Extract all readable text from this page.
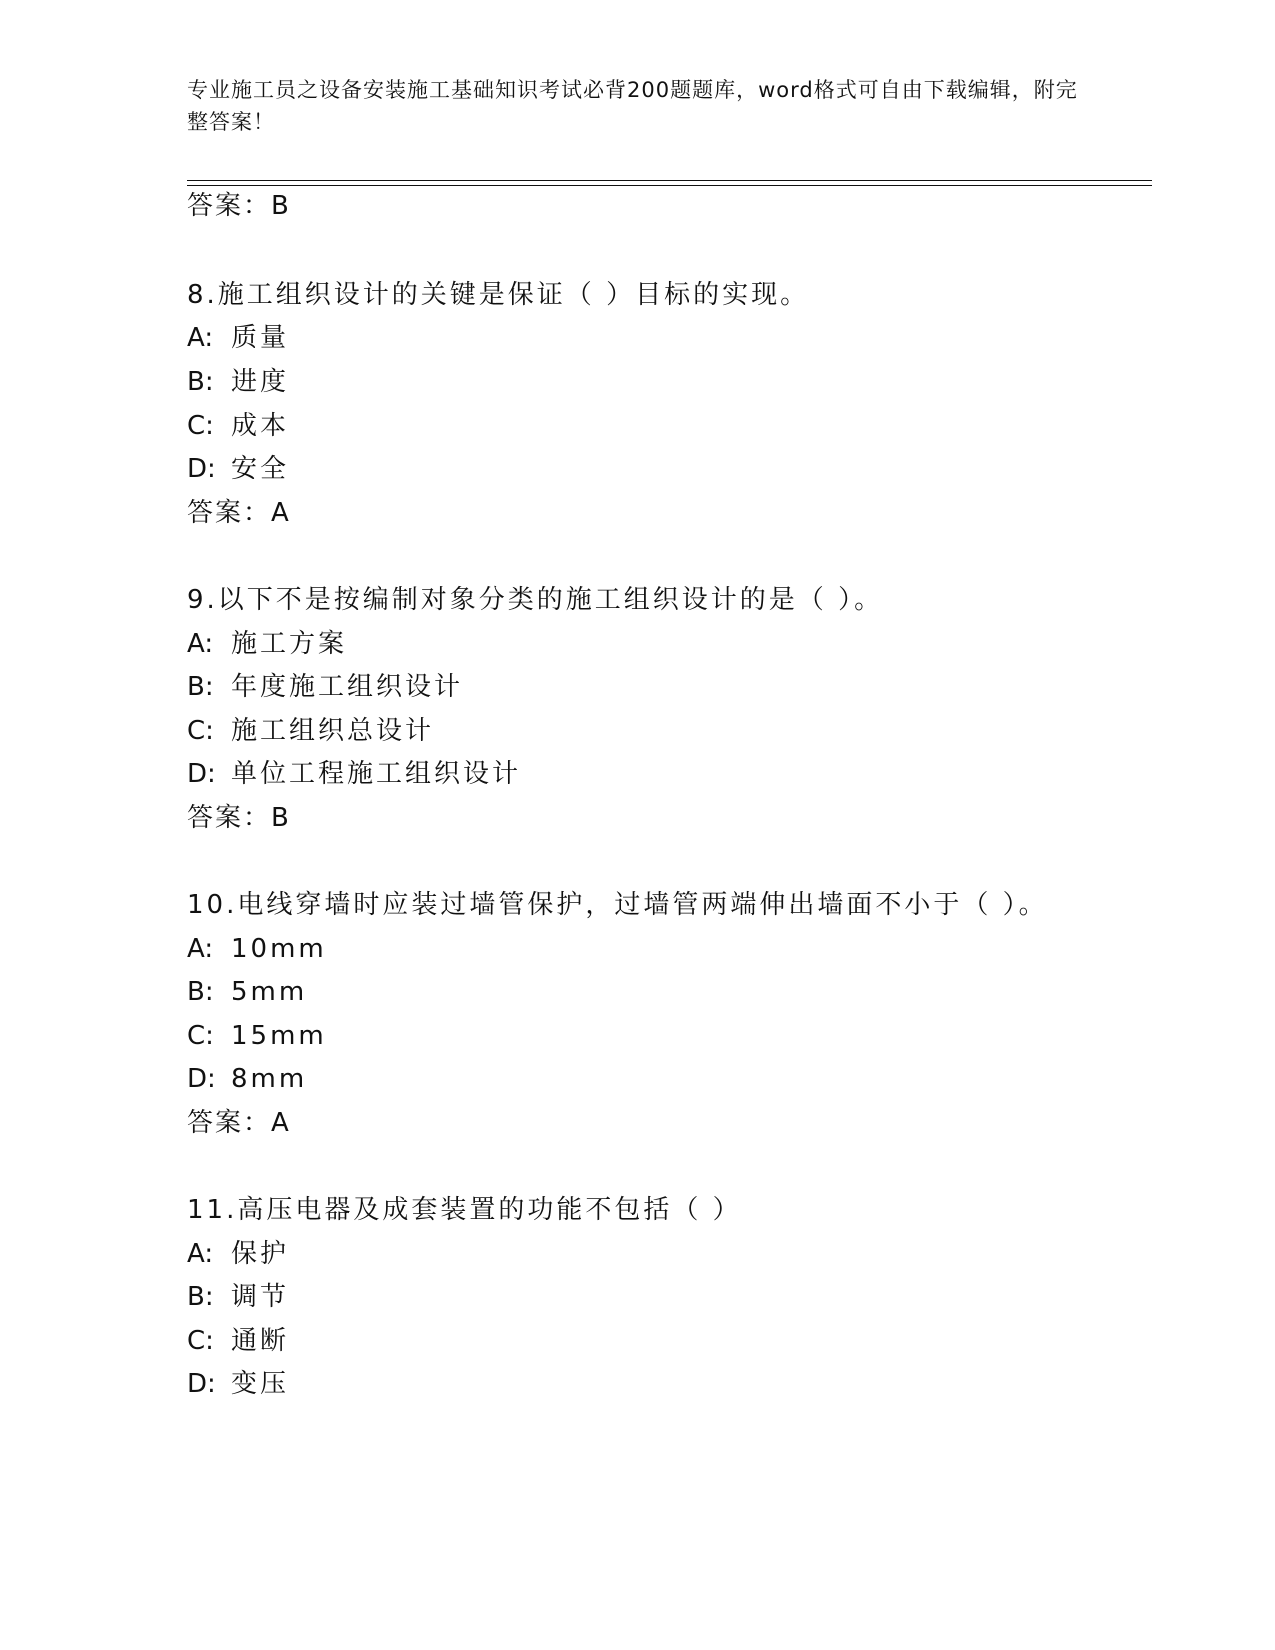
专业施工员之设备安装施工基础知识考试必背200题题库，word格式可自由下载编辑，附完整答案！
答案：B
8.施工组织设计的关键是保证（ ）目标的实现。
A: 质量
B: 进度
C: 成本
D: 安全
答案：A
9.以下不是按编制对象分类的施工组织设计的是（ ）。
A: 施工方案
B: 年度施工组织设计
C: 施工组织总设计
D: 单位工程施工组织设计
答案：B
10.电线穿墙时应装过墙管保护，过墙管两端伸出墙面不小于（ ）。
A: 10mm
B: 5mm
C: 15mm
D: 8mm
答案：A
11.高压电器及成套装置的功能不包括（ ）
A: 保护
B: 调节
C: 通断
D: 变压
